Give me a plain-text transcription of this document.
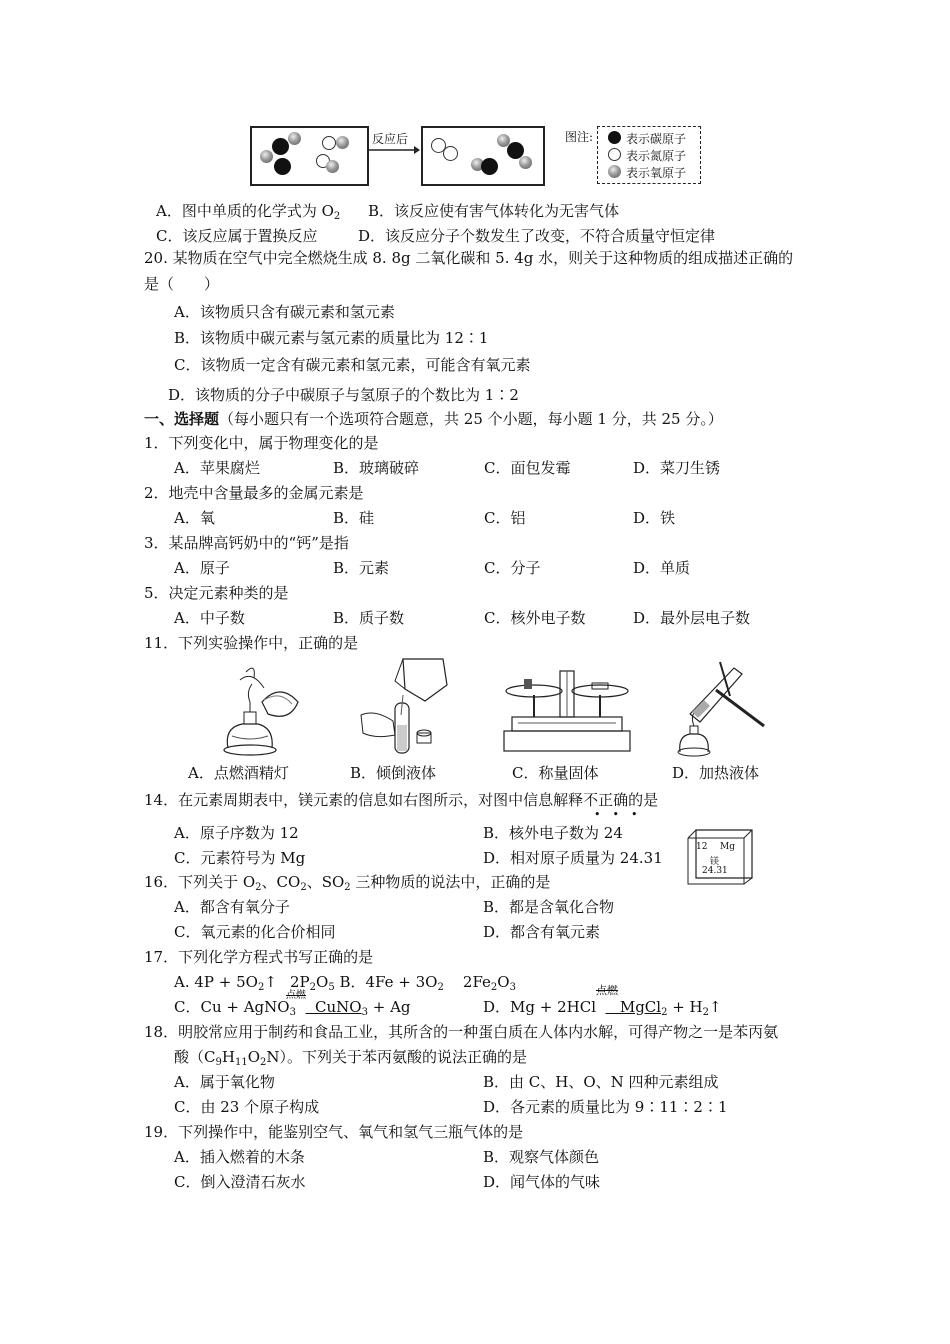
反应后	图注:	表示碳原子
表示氮原子
表示氧原子
A．图中单质的化学式为 $O_2$ B．该反应使有害气体转化为无害气体
C．该反应属于置换反应	D．该反应分子个数发生了改变，不符合质量守恒定律
20. 某物质在空气中完全燃烧生成 8. 8g 二氧化碳和 5. 4g 水，则关于这种物质的组成描述正确的
是（　　）
A．该物质只含有碳元素和氢元素
B．该物质中碳元素与氢元素的质量比为 12∶1
C．该物质一定含有碳元素和氢元素，可能含有氧元素
D．该物质的分子中碳原子与氢原子的个数比为 1∶2
一、选择题（每小题只有一个选项符合题意，共 25 个小题，每小题 1 分，共 25 分。）
1．下列变化中，属于物理变化的是
A．苹果腐烂	B．玻璃破碎	C．面包发霉	D．菜刀生锈
2．地壳中含量最多的金属元素是
A．氧	B．硅	C．铝	D．铁
3．某品牌高钙奶中的“钙”是指
A．原子	B．元素	C．分子	D．单质
5．决定元素种类的是
A．中子数	B．质子数	C．核外电子数	D．最外层电子数
11．下列实验操作中，正确的是
A．点燃酒精灯	B．倾倒液体	C．称量固体	D．加热液体
14．在元素周期表中，镁元素的信息如右图所示，对图中信息解释不正确的是
•••
A．原子序数为 12	B．核外电子数为 24
C．元素符号为 Mg	D．相对原子质量为 24.31
12 Mg
镁
24.31
16．下列关于 $O_2$、$CO_2$、$SO_2$ 三种物质的说法中，正确的是
A．都含有氧分子	B．都是含氧化合物
C．氧元素的化合价相同	D．都含有氧元素
17．下列化学方程式书写正确的是
A. $4P + 5O_2↑$ $2P_2O_5$ B．$4Fe + 3O_2$    $2Fe_2O_3$
点燃
C．Cu + AgNO$_3$    CuNO$_3$ + Ag
点燃
D．Mg + 2HCl     MgCl$_2$ + $H_2↑$
18．明胶常应用于制药和食品工业，其所含的一种蛋白质在人体内水解，可得产物之一是苯丙氨
酸$(C_9H_{11}O_2N)$。下列关于苯丙氨酸的说法正确的是
A．属于氧化物	B．由 C、H、O、N 四种元素组成
C．由 23 个原子构成	D．各元素的质量比为 9∶11∶2∶1
19．下列操作中，能鉴别空气、氧气和氢气三瓶气体的是
A．插入燃着的木条	B．观察气体颜色
C．倒入澄清石灰水	D．闻气体的气味
